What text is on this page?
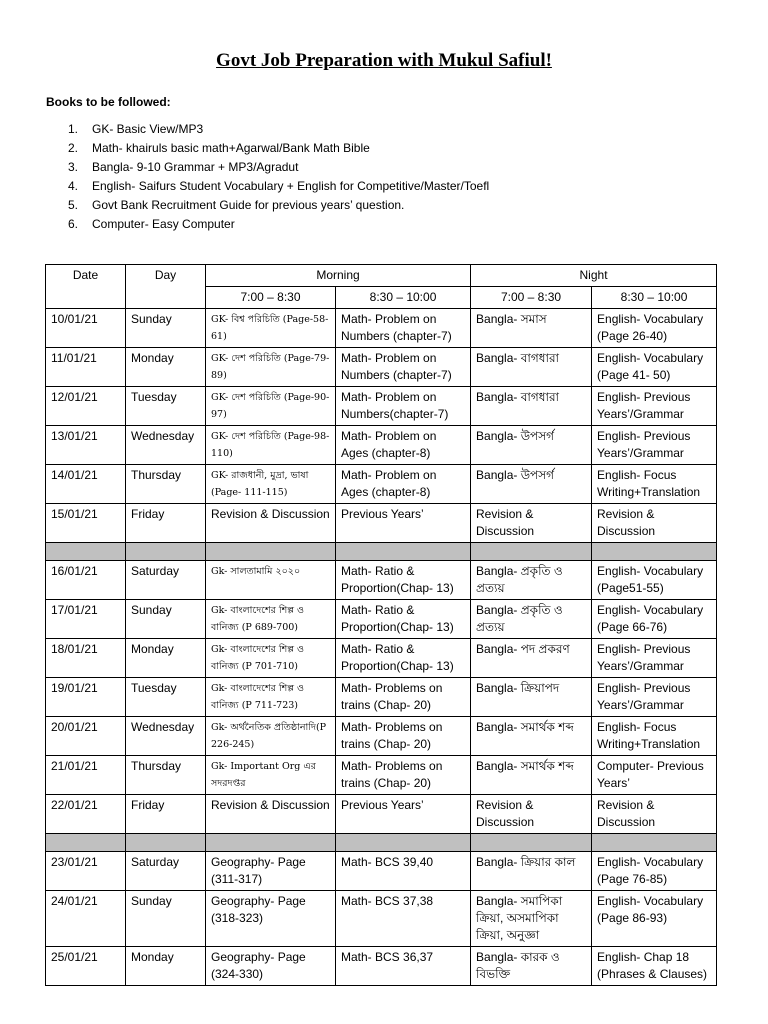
Govt Job Preparation with Mukul Safiul!
Books to be followed:
1.	GK- Basic View/MP3
2.	Math- khairuls basic math+Agarwal/Bank Math Bible
3.	Bangla- 9-10 Grammar + MP3/Agradut
4.	English- Saifurs Student Vocabulary + English for Competitive/Master/Toefl
5.	Govt Bank Recruitment Guide for previous years’ question.
6.	Computer- Easy Computer
Date	Day	Morning		Night	
		7:00 – 8:30	8:30 – 10:00	7:00 – 8:30	8:30 – 10:00
10/01/21	Sunday	GK- বিশ্ব পরিচিতি (Page-58-61)	Math- Problem on Numbers (chapter-7)	Bangla- সমাস	English- Vocabulary (Page 26-40)
11/01/21	Monday	GK- দেশ পরিচিতি (Page-79-89)	Math- Problem on Numbers (chapter-7)	Bangla- বাগধারা	English- Vocabulary (Page 41- 50)
12/01/21	Tuesday	GK- দেশ পরিচিতি (Page-90-97)	Math- Problem on Numbers(chapter-7)	Bangla- বাগধারা	English- Previous Years’/Grammar
13/01/21	Wednesday	GK- দেশ পরিচিতি (Page-98-110)	Math- Problem on Ages (chapter-8)	Bangla- উপসর্গ	English- Previous Years’/Grammar
14/01/21	Thursday	GK- রাজধানী, মুদ্রা, ভাষা (Page- 111-115)	Math- Problem on Ages (chapter-8)	Bangla- উপসর্গ	English- Focus Writing+Translation
15/01/21	Friday	Revision & Discussion	Previous Years’	Revision & Discussion	Revision & Discussion

16/01/21	Saturday	Gk- সালতামামি ২০২০	Math- Ratio & Proportion(Chap- 13)	Bangla- প্রকৃতি ও প্রত্যয়	English- Vocabulary (Page51-55)
17/01/21	Sunday	Gk- বাংলাদেশের শিল্প ও বানিজ্য (P 689-700)	Math- Ratio & Proportion(Chap- 13)	Bangla- প্রকৃতি ও প্রত্যয়	English- Vocabulary (Page 66-76)
18/01/21	Monday	Gk- বাংলাদেশের শিল্প ও বানিজ্য (P 701-710)	Math- Ratio & Proportion(Chap- 13)	Bangla- পদ প্রকরণ	English- Previous Years’/Grammar
19/01/21	Tuesday	Gk- বাংলাদেশের শিল্প ও বানিজ্য (P 711-723)	Math- Problems on trains (Chap- 20)	Bangla- ক্রিয়াপদ	English- Previous Years’/Grammar
20/01/21	Wednesday	Gk- অর্থনৈতিক প্রতিষ্ঠানাদি(P 226-245)	Math- Problems on trains (Chap- 20)	Bangla- সমার্থক শব্দ	English- Focus Writing+Translation
21/01/21	Thursday	Gk- Important Org এর সদরদপ্তর	Math- Problems on trains (Chap- 20)	Bangla- সমার্থক শব্দ	Computer- Previous Years’
22/01/21	Friday	Revision & Discussion	Previous Years’	Revision & Discussion	Revision & Discussion

23/01/21	Saturday	Geography- Page (311-317)	Math- BCS 39,40	Bangla- ক্রিয়ার কাল	English- Vocabulary (Page 76-85)
24/01/21	Sunday	Geography- Page (318-323)	Math- BCS 37,38	Bangla- সমাপিকা ক্রিয়া, অসমাপিকা ক্রিয়া, অনুজ্ঞা	English- Vocabulary (Page 86-93)
25/01/21	Monday	Geography- Page (324-330)	Math- BCS 36,37	Bangla- কারক ও বিভক্তি	English- Chap 18 (Phrases & Clauses)
